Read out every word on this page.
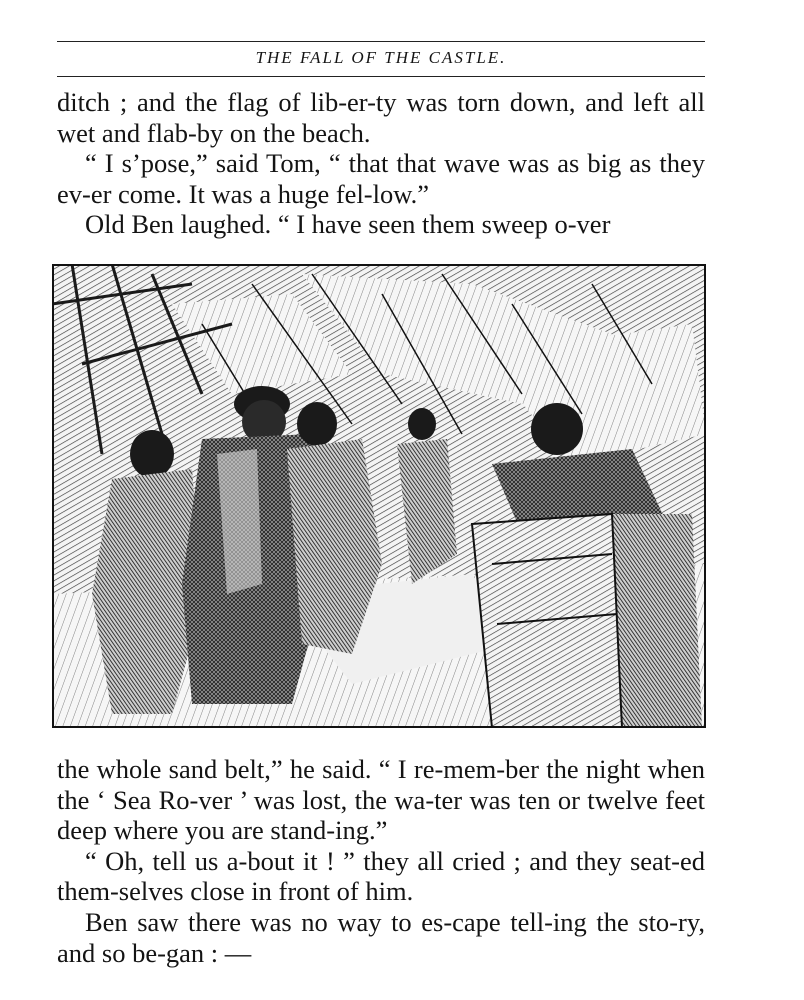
THE FALL OF THE CASTLE.

ditch ; and the flag of lib-er-ty was torn down, and left all wet and flab-by on the beach.

“ I s’pose,” said Tom, “ that that wave was as big as they ev-er come. It was a huge fel-low.”

Old Ben laughed. “ I have seen them sweep o-ver

the whole sand belt,” he said. “ I re-mem-ber the night when the ‘ Sea Ro-ver ’ was lost, the wa-ter was ten or twelve feet deep where you are stand-ing.”

“ Oh, tell us a-bout it ! ” they all cried ; and they seat-ed them-selves close in front of him.

Ben saw there was no way to es-cape tell-ing the sto-ry, and so be-gan : —
